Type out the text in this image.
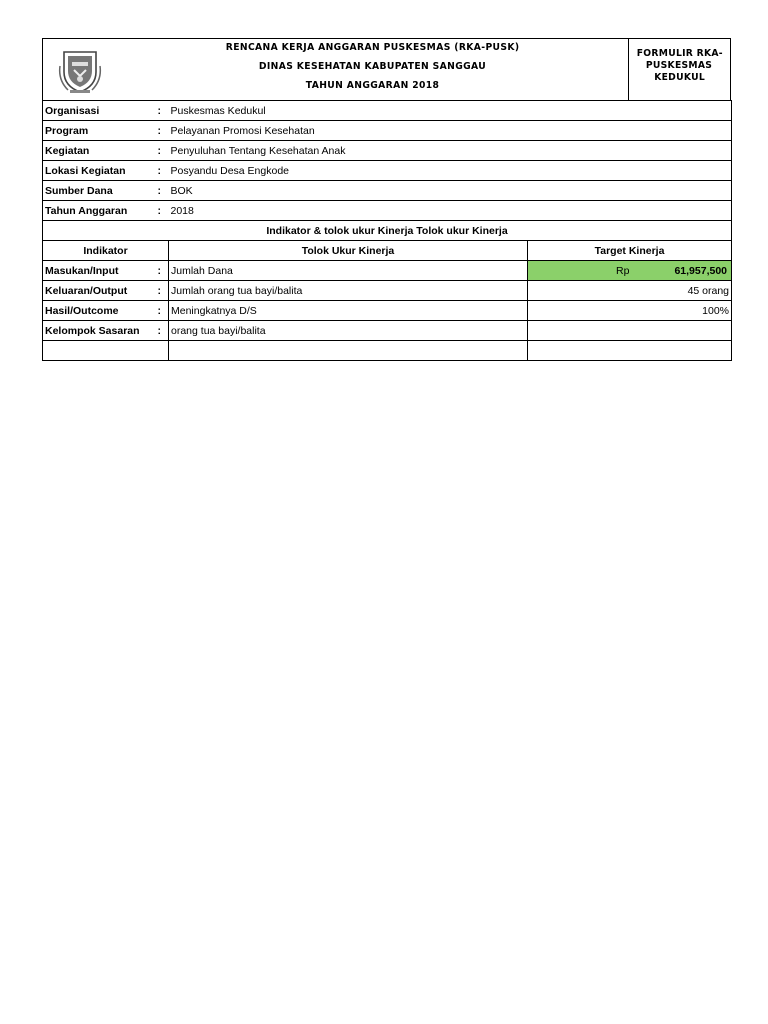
RENCANA KERJA ANGGARAN PUSKESMAS (RKA-PUSK)
DINAS KESEHATAN KABUPATEN SANGGAU
TAHUN ANGGARAN 2018
FORMULIR RKA-
PUSKESMAS
KEDUKUL
Organisasi	:	Puskesmas Kedukul	
Program	:	Pelayanan Promosi Kesehatan	
Kegiatan	:	Penyuluhan Tentang Kesehatan Anak	
Lokasi Kegiatan	:	Posyandu Desa Engkode	
Sumber Dana	:	BOK	
Tahun Anggaran	:	2018	
Indikator & tolok ukur Kinerja Tolok ukur Kinerja			
Indikator		Tolok Ukur Kinerja	Target Kinerja
Masukan/Input	:	Jumlah Dana	Rp 61,957,500

Keluaran/Output	:	Jumlah orang tua bayi/balita	45 orang
Hasil/Outcome	:	Meningkatnya D/S	100%
Kelompok Sasaran	:	orang tua bayi/balita	
